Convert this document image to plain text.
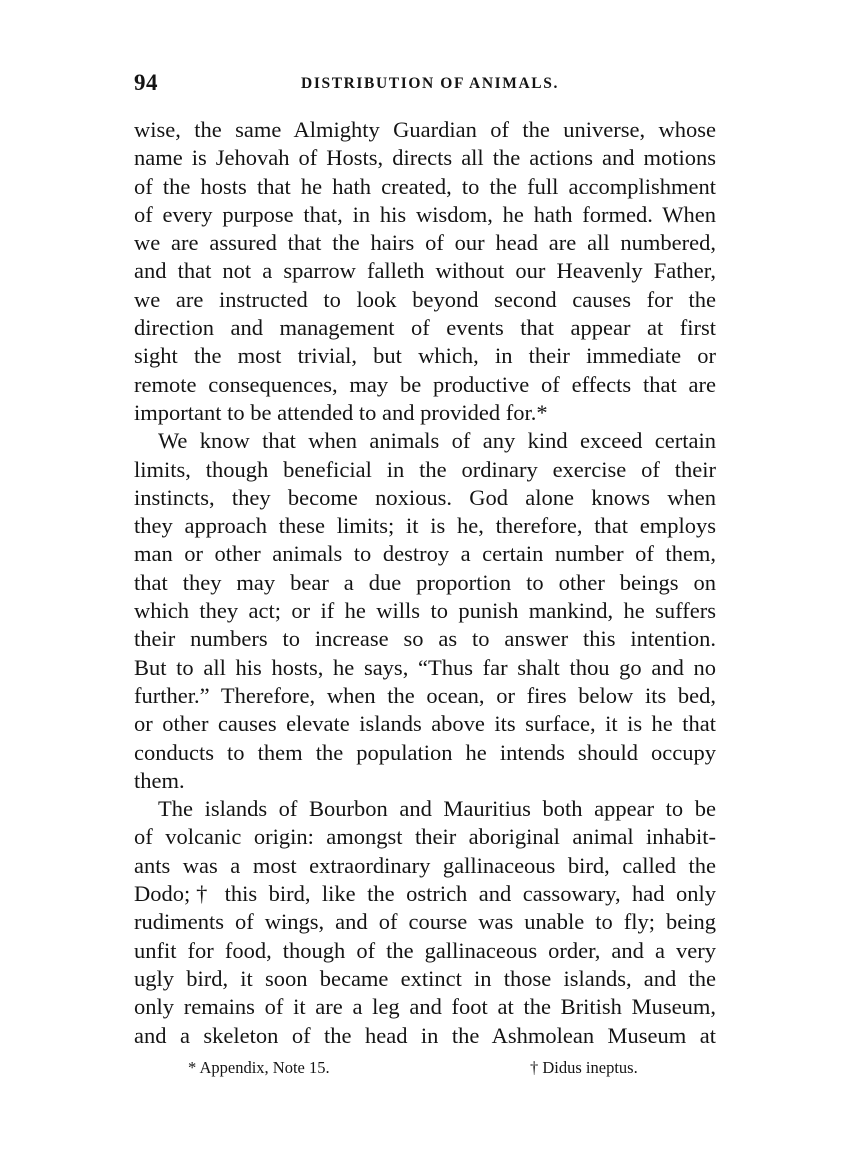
94	DISTRIBUTION OF ANIMALS.
wise, the same Almighty Guardian of the universe, whose
name is Jehovah of Hosts, directs all the actions and motions
of the hosts that he hath created, to the full accomplishment
of every purpose that, in his wisdom, he hath formed. When
we are assured that the hairs of our head are all numbered,
and that not a sparrow falleth without our Heavenly Father,
we are instructed to look beyond second causes for the
direction and management of events that appear at first
sight the most trivial, but which, in their immediate or
remote consequences, may be productive of effects that are
important to be attended to and provided for.*
We know that when animals of any kind exceed certain
limits, though beneficial in the ordinary exercise of their
instincts, they become noxious. God alone knows when
they approach these limits; it is he, therefore, that employs
man or other animals to destroy a certain number of them,
that they may bear a due proportion to other beings on
which they act; or if he wills to punish mankind, he suffers
their numbers to increase so as to answer this intention.
But to all his hosts, he says, “Thus far shalt thou go and no
further.” Therefore, when the ocean, or fires below its bed,
or other causes elevate islands above its surface, it is he that
conducts to them the population he intends should occupy
them.
The islands of Bourbon and Mauritius both appear to be
of volcanic origin: amongst their aboriginal animal inhabit-
ants was a most extraordinary gallinaceous bird, called the
Dodo;† this bird, like the ostrich and cassowary, had only
rudiments of wings, and of course was unable to fly; being
unfit for food, though of the gallinaceous order, and a very
ugly bird, it soon became extinct in those islands, and the
only remains of it are a leg and foot at the British Museum,
and a skeleton of the head in the Ashmolean Museum at
* Appendix, Note 15.	† Didus ineptus.
